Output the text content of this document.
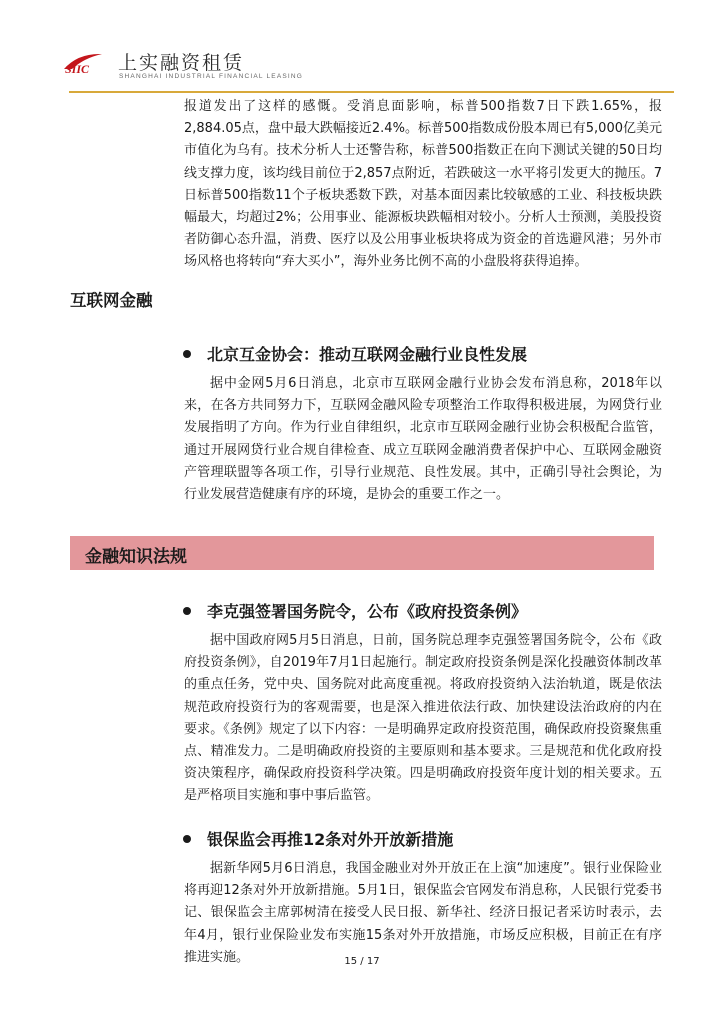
SIIC 上实融资租赁
SHANGHAI INDUSTRIAL FINANCIAL LEASING

报道发出了这样的感慨。受消息面影响，标普500指数7日下跌1.65%，报2,884.05点，盘中最大跌幅接近2.4%。标普500指数成份股本周已有5,000亿美元市值化为乌有。技术分析人士还警告称，标普500指数正在向下测试关键的50日均线支撑力度，该均线目前位于2,857点附近，若跌破这一水平将引发更大的抛压。7日标普500指数11个子板块悉数下跌，对基本面因素比较敏感的工业、科技板块跌幅最大，均超过2%；公用事业、能源板块跌幅相对较小。分析人士预测，美股投资者防御心态升温，消费、医疗以及公用事业板块将成为资金的首选避风港；另外市场风格也将转向“弃大买小”，海外业务比例不高的小盘股将获得追捧。

互联网金融
北京互金协会：推动互联网金融行业良性发展

据中金网5月6日消息，北京市互联网金融行业协会发布消息称，2018年以来，在各方共同努力下，互联网金融风险专项整治工作取得积极进展，为网贷行业发展指明了方向。作为行业自律组织，北京市互联网金融行业协会积极配合监管，通过开展网贷行业合规自律检查、成立互联网金融消费者保护中心、互联网金融资产管理联盟等各项工作，引导行业规范、良性发展。其中，正确引导社会舆论，为行业发展营造健康有序的环境，是协会的重要工作之一。

金融知识法规
李克强签署国务院令，公布《政府投资条例》

据中国政府网5月5日消息，日前，国务院总理李克强签署国务院令，公布《政府投资条例》，自2019年7月1日起施行。制定政府投资条例是深化投融资体制改革的重点任务，党中央、国务院对此高度重视。将政府投资纳入法治轨道，既是依法规范政府投资行为的客观需要，也是深入推进依法行政、加快建设法治政府的内在要求。《条例》规定了以下内容：一是明确界定政府投资范围，确保政府投资聚焦重点、精准发力。二是明确政府投资的主要原则和基本要求。三是规范和优化政府投资决策程序，确保政府投资科学决策。四是明确政府投资年度计划的相关要求。五是严格项目实施和事中事后监管。

银保监会再推12条对外开放新措施

据新华网5月6日消息，我国金融业对外开放正在上演“加速度”。银行业保险业将再迎12条对外开放新措施。5月1日，银保监会官网发布消息称，人民银行党委书记、银保监会主席郭树清在接受人民日报、新华社、经济日报记者采访时表示，去年4月，银行业保险业发布实施15条对外开放措施，市场反应积极，目前正在有序推进实施。	15 / 17
